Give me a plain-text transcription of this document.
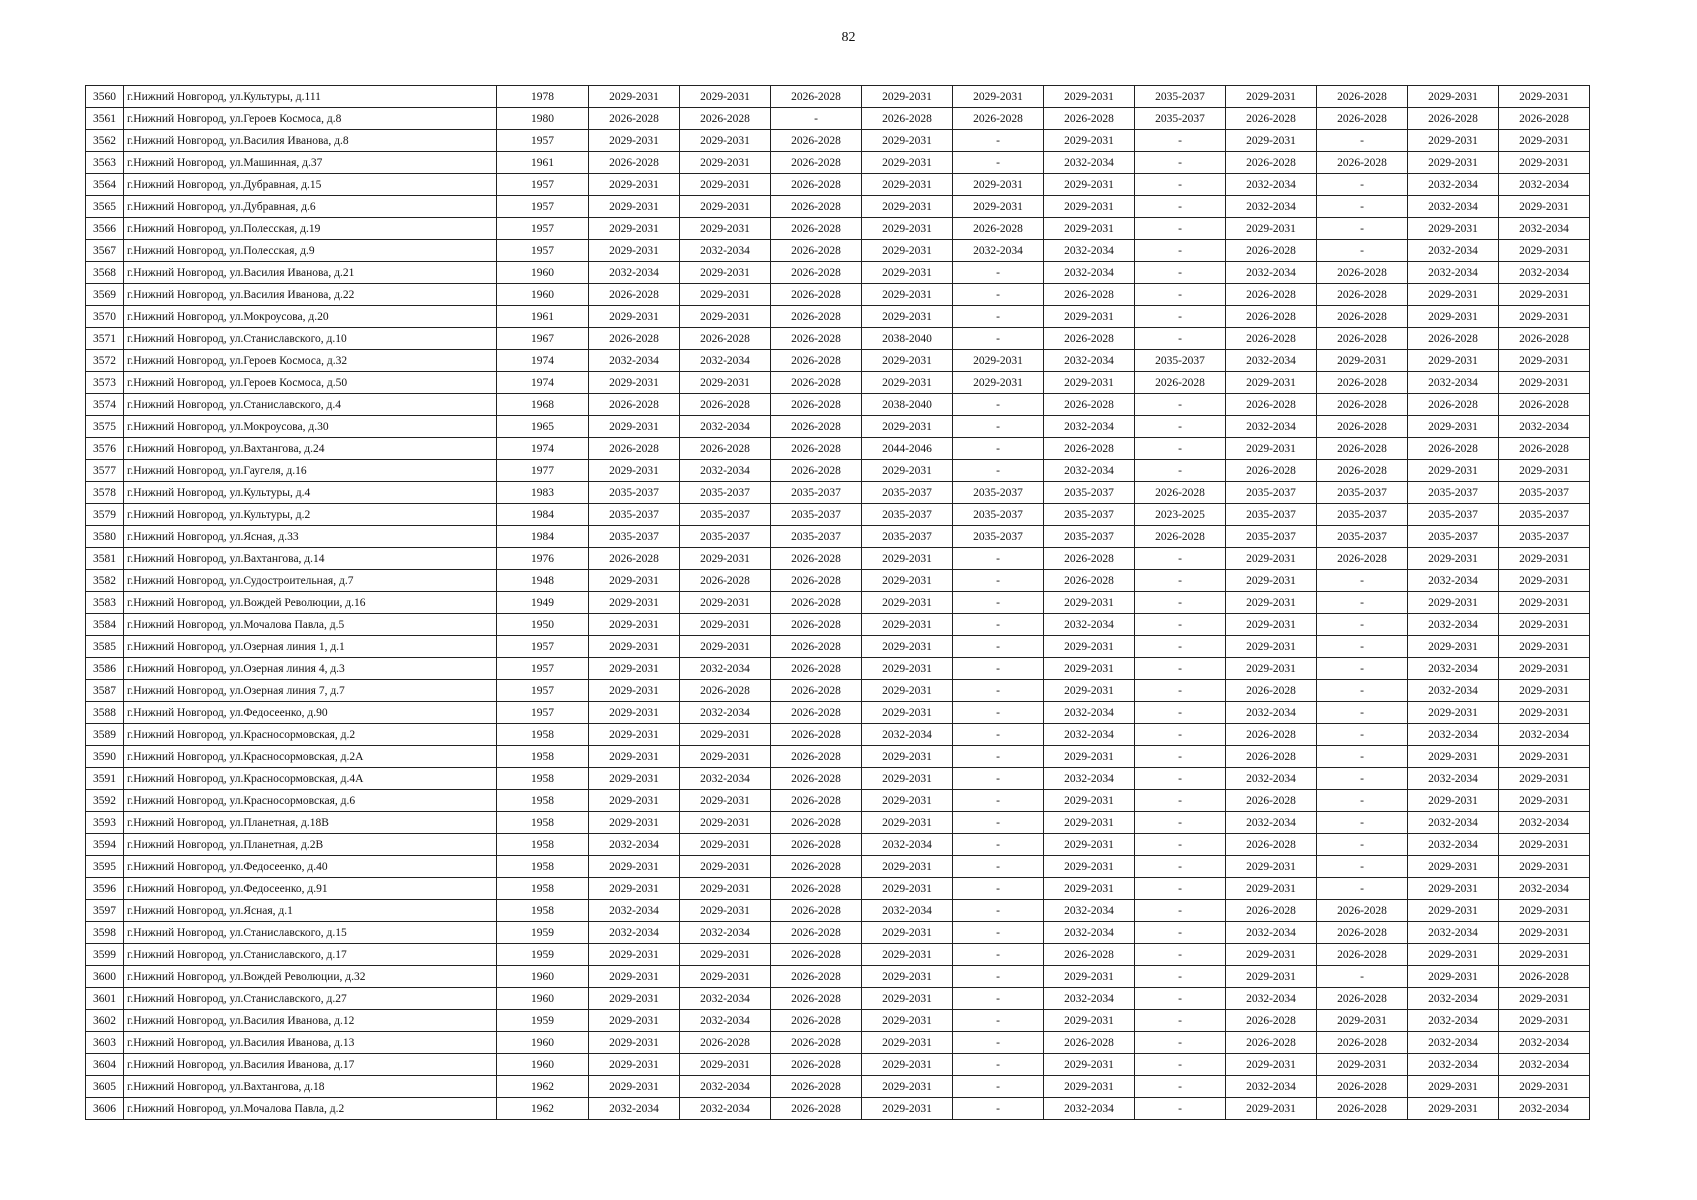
82
3560	г.Нижний Новгород, ул.Культуры, д.111	1978	2029-2031	2029-2031	2026-2028	2029-2031	2029-2031	2029-2031	2035-2037	2029-2031	2026-2028	2029-2031	2029-2031
3561	г.Нижний Новгород, ул.Героев Космоса, д.8	1980	2026-2028	2026-2028	-	2026-2028	2026-2028	2026-2028	2035-2037	2026-2028	2026-2028	2026-2028	2026-2028
3562	г.Нижний Новгород, ул.Василия Иванова, д.8	1957	2029-2031	2029-2031	2026-2028	2029-2031	-	2029-2031	-	2029-2031	-	2029-2031	2029-2031
3563	г.Нижний Новгород, ул.Машинная, д.37	1961	2026-2028	2029-2031	2026-2028	2029-2031	-	2032-2034	-	2026-2028	2026-2028	2029-2031	2029-2031
3564	г.Нижний Новгород, ул.Дубравная, д.15	1957	2029-2031	2029-2031	2026-2028	2029-2031	2029-2031	2029-2031	-	2032-2034	-	2032-2034	2032-2034
3565	г.Нижний Новгород, ул.Дубравная, д.6	1957	2029-2031	2029-2031	2026-2028	2029-2031	2029-2031	2029-2031	-	2032-2034	-	2032-2034	2029-2031
3566	г.Нижний Новгород, ул.Полесская, д.19	1957	2029-2031	2029-2031	2026-2028	2029-2031	2026-2028	2029-2031	-	2029-2031	-	2029-2031	2032-2034
3567	г.Нижний Новгород, ул.Полесская, д.9	1957	2029-2031	2032-2034	2026-2028	2029-2031	2032-2034	2032-2034	-	2026-2028	-	2032-2034	2029-2031
3568	г.Нижний Новгород, ул.Василия Иванова, д.21	1960	2032-2034	2029-2031	2026-2028	2029-2031	-	2032-2034	-	2032-2034	2026-2028	2032-2034	2032-2034
3569	г.Нижний Новгород, ул.Василия Иванова, д.22	1960	2026-2028	2029-2031	2026-2028	2029-2031	-	2026-2028	-	2026-2028	2026-2028	2029-2031	2029-2031
3570	г.Нижний Новгород, ул.Мокроусова, д.20	1961	2029-2031	2029-2031	2026-2028	2029-2031	-	2029-2031	-	2026-2028	2026-2028	2029-2031	2029-2031
3571	г.Нижний Новгород, ул.Станиславского, д.10	1967	2026-2028	2026-2028	2026-2028	2038-2040	-	2026-2028	-	2026-2028	2026-2028	2026-2028	2026-2028
3572	г.Нижний Новгород, ул.Героев Космоса, д.32	1974	2032-2034	2032-2034	2026-2028	2029-2031	2029-2031	2032-2034	2035-2037	2032-2034	2029-2031	2029-2031	2029-2031
3573	г.Нижний Новгород, ул.Героев Космоса, д.50	1974	2029-2031	2029-2031	2026-2028	2029-2031	2029-2031	2029-2031	2026-2028	2029-2031	2026-2028	2032-2034	2029-2031
3574	г.Нижний Новгород, ул.Станиславского, д.4	1968	2026-2028	2026-2028	2026-2028	2038-2040	-	2026-2028	-	2026-2028	2026-2028	2026-2028	2026-2028
3575	г.Нижний Новгород, ул.Мокроусова, д.30	1965	2029-2031	2032-2034	2026-2028	2029-2031	-	2032-2034	-	2032-2034	2026-2028	2029-2031	2032-2034
3576	г.Нижний Новгород, ул.Вахтангова, д.24	1974	2026-2028	2026-2028	2026-2028	2044-2046	-	2026-2028	-	2029-2031	2026-2028	2026-2028	2026-2028
3577	г.Нижний Новгород, ул.Гаугеля, д.16	1977	2029-2031	2032-2034	2026-2028	2029-2031	-	2032-2034	-	2026-2028	2026-2028	2029-2031	2029-2031
3578	г.Нижний Новгород, ул.Культуры, д.4	1983	2035-2037	2035-2037	2035-2037	2035-2037	2035-2037	2035-2037	2026-2028	2035-2037	2035-2037	2035-2037	2035-2037
3579	г.Нижний Новгород, ул.Культуры, д.2	1984	2035-2037	2035-2037	2035-2037	2035-2037	2035-2037	2035-2037	2023-2025	2035-2037	2035-2037	2035-2037	2035-2037
3580	г.Нижний Новгород, ул.Ясная, д.33	1984	2035-2037	2035-2037	2035-2037	2035-2037	2035-2037	2035-2037	2026-2028	2035-2037	2035-2037	2035-2037	2035-2037
3581	г.Нижний Новгород, ул.Вахтангова, д.14	1976	2026-2028	2029-2031	2026-2028	2029-2031	-	2026-2028	-	2029-2031	2026-2028	2029-2031	2029-2031
3582	г.Нижний Новгород, ул.Судостроительная, д.7	1948	2029-2031	2026-2028	2026-2028	2029-2031	-	2026-2028	-	2029-2031	-	2032-2034	2029-2031
3583	г.Нижний Новгород, ул.Вождей Революции, д.16	1949	2029-2031	2029-2031	2026-2028	2029-2031	-	2029-2031	-	2029-2031	-	2029-2031	2029-2031
3584	г.Нижний Новгород, ул.Мочалова Павла, д.5	1950	2029-2031	2029-2031	2026-2028	2029-2031	-	2032-2034	-	2029-2031	-	2032-2034	2029-2031
3585	г.Нижний Новгород, ул.Озерная линия 1, д.1	1957	2029-2031	2029-2031	2026-2028	2029-2031	-	2029-2031	-	2029-2031	-	2029-2031	2029-2031
3586	г.Нижний Новгород, ул.Озерная линия 4, д.3	1957	2029-2031	2032-2034	2026-2028	2029-2031	-	2029-2031	-	2029-2031	-	2032-2034	2029-2031
3587	г.Нижний Новгород, ул.Озерная линия 7, д.7	1957	2029-2031	2026-2028	2026-2028	2029-2031	-	2029-2031	-	2026-2028	-	2032-2034	2029-2031
3588	г.Нижний Новгород, ул.Федосеенко, д.90	1957	2029-2031	2032-2034	2026-2028	2029-2031	-	2032-2034	-	2032-2034	-	2029-2031	2029-2031
3589	г.Нижний Новгород, ул.Красносормовская, д.2	1958	2029-2031	2029-2031	2026-2028	2032-2034	-	2032-2034	-	2026-2028	-	2032-2034	2032-2034
3590	г.Нижний Новгород, ул.Красносормовская, д.2А	1958	2029-2031	2029-2031	2026-2028	2029-2031	-	2029-2031	-	2026-2028	-	2029-2031	2029-2031
3591	г.Нижний Новгород, ул.Красносормовская, д.4А	1958	2029-2031	2032-2034	2026-2028	2029-2031	-	2032-2034	-	2032-2034	-	2032-2034	2029-2031
3592	г.Нижний Новгород, ул.Красносормовская, д.6	1958	2029-2031	2029-2031	2026-2028	2029-2031	-	2029-2031	-	2026-2028	-	2029-2031	2029-2031
3593	г.Нижний Новгород, ул.Планетная, д.18В	1958	2029-2031	2029-2031	2026-2028	2029-2031	-	2029-2031	-	2032-2034	-	2032-2034	2032-2034
3594	г.Нижний Новгород, ул.Планетная, д.2В	1958	2032-2034	2029-2031	2026-2028	2032-2034	-	2029-2031	-	2026-2028	-	2032-2034	2029-2031
3595	г.Нижний Новгород, ул.Федосеенко, д.40	1958	2029-2031	2029-2031	2026-2028	2029-2031	-	2029-2031	-	2029-2031	-	2029-2031	2029-2031
3596	г.Нижний Новгород, ул.Федосеенко, д.91	1958	2029-2031	2029-2031	2026-2028	2029-2031	-	2029-2031	-	2029-2031	-	2029-2031	2032-2034
3597	г.Нижний Новгород, ул.Ясная, д.1	1958	2032-2034	2029-2031	2026-2028	2032-2034	-	2032-2034	-	2026-2028	2026-2028	2029-2031	2029-2031
3598	г.Нижний Новгород, ул.Станиславского, д.15	1959	2032-2034	2032-2034	2026-2028	2029-2031	-	2032-2034	-	2032-2034	2026-2028	2032-2034	2029-2031
3599	г.Нижний Новгород, ул.Станиславского, д.17	1959	2029-2031	2029-2031	2026-2028	2029-2031	-	2026-2028	-	2029-2031	2026-2028	2029-2031	2029-2031
3600	г.Нижний Новгород, ул.Вождей Революции, д.32	1960	2029-2031	2029-2031	2026-2028	2029-2031	-	2029-2031	-	2029-2031	-	2029-2031	2026-2028
3601	г.Нижний Новгород, ул.Станиславского, д.27	1960	2029-2031	2032-2034	2026-2028	2029-2031	-	2032-2034	-	2032-2034	2026-2028	2032-2034	2029-2031
3602	г.Нижний Новгород, ул.Василия Иванова, д.12	1959	2029-2031	2032-2034	2026-2028	2029-2031	-	2029-2031	-	2026-2028	2029-2031	2032-2034	2029-2031
3603	г.Нижний Новгород, ул.Василия Иванова, д.13	1960	2029-2031	2026-2028	2026-2028	2029-2031	-	2026-2028	-	2026-2028	2026-2028	2032-2034	2032-2034
3604	г.Нижний Новгород, ул.Василия Иванова, д.17	1960	2029-2031	2029-2031	2026-2028	2029-2031	-	2029-2031	-	2029-2031	2029-2031	2032-2034	2032-2034
3605	г.Нижний Новгород, ул.Вахтангова, д.18	1962	2029-2031	2032-2034	2026-2028	2029-2031	-	2029-2031	-	2032-2034	2026-2028	2029-2031	2029-2031
3606	г.Нижний Новгород, ул.Мочалова Павла, д.2	1962	2032-2034	2032-2034	2026-2028	2029-2031	-	2032-2034	-	2029-2031	2026-2028	2029-2031	2032-2034
